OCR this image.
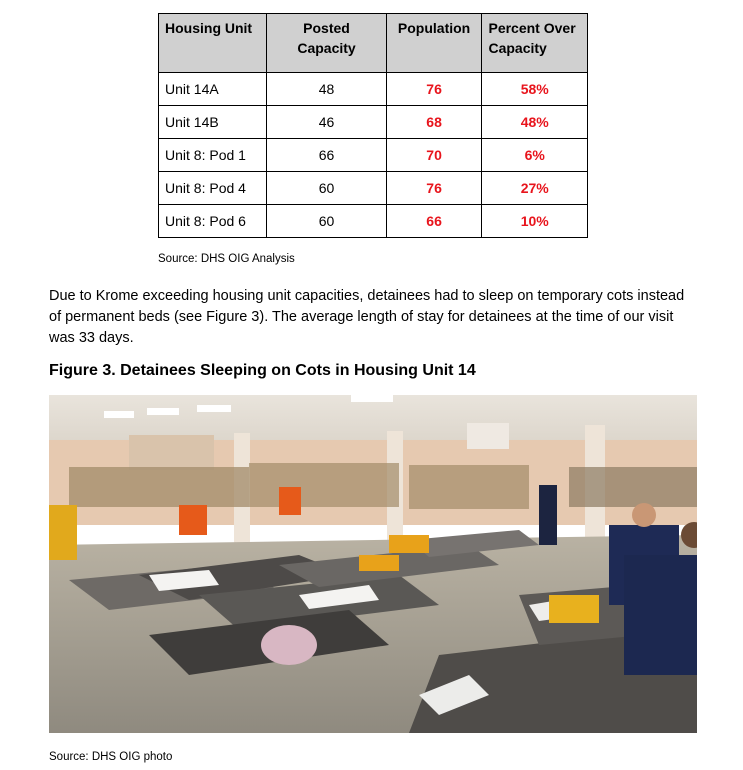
Housing Unit	Posted Capacity	Population	Percent Over Capacity
Unit 14A	48	76	58%
Unit 14B	46	68	48%
Unit 8: Pod 1	66	70	6%
Unit 8: Pod 4	60	76	27%
Unit 8: Pod 6	60	66	10%
Source: DHS OIG Analysis
Due to Krome exceeding housing unit capacities, detainees had to sleep on temporary cots instead of permanent beds (see Figure 3). The average length of stay for detainees at the time of our visit was 33 days.
Figure 3. Detainees Sleeping on Cots in Housing Unit 14
Source: DHS OIG photo
